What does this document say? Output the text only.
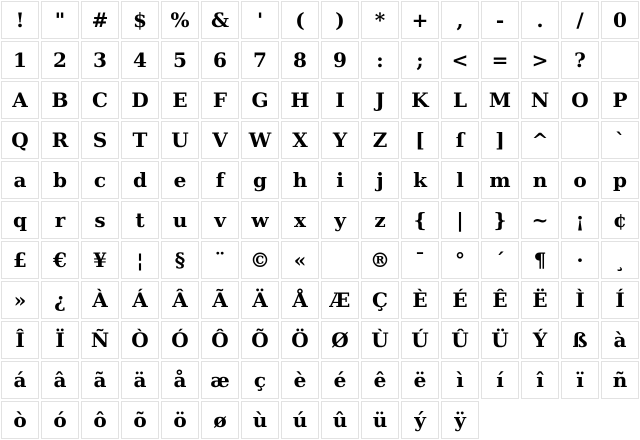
! " # $ % & ' ( ) * + , - . / 0
1 2 3 4 5 6 7 8 9 : ; < = > ?
A B C D E F G H I J K L M N O P
Q R S T U V W X Y Z [ ſ ] ^	`
a b c d e f g h i j k l m n o p
q r s t u v w x y z { | } ~ ¡ ¢
£ € ¥ ¦ § ¨ © «	® ¯ ° ´ ¶ · ¸
» ¿ À Á Â Ã Ä Å Æ Ç È É Ê Ë Ì Í
Î Ï Ñ Ò Ó Ô Õ Ö Ø Ù Ú Û Ü Ý ß à
á â ã ä å æ ç è é ê ë ì í î ï ñ
ò ó ô õ ö ø ù ú û ü ý ÿ
